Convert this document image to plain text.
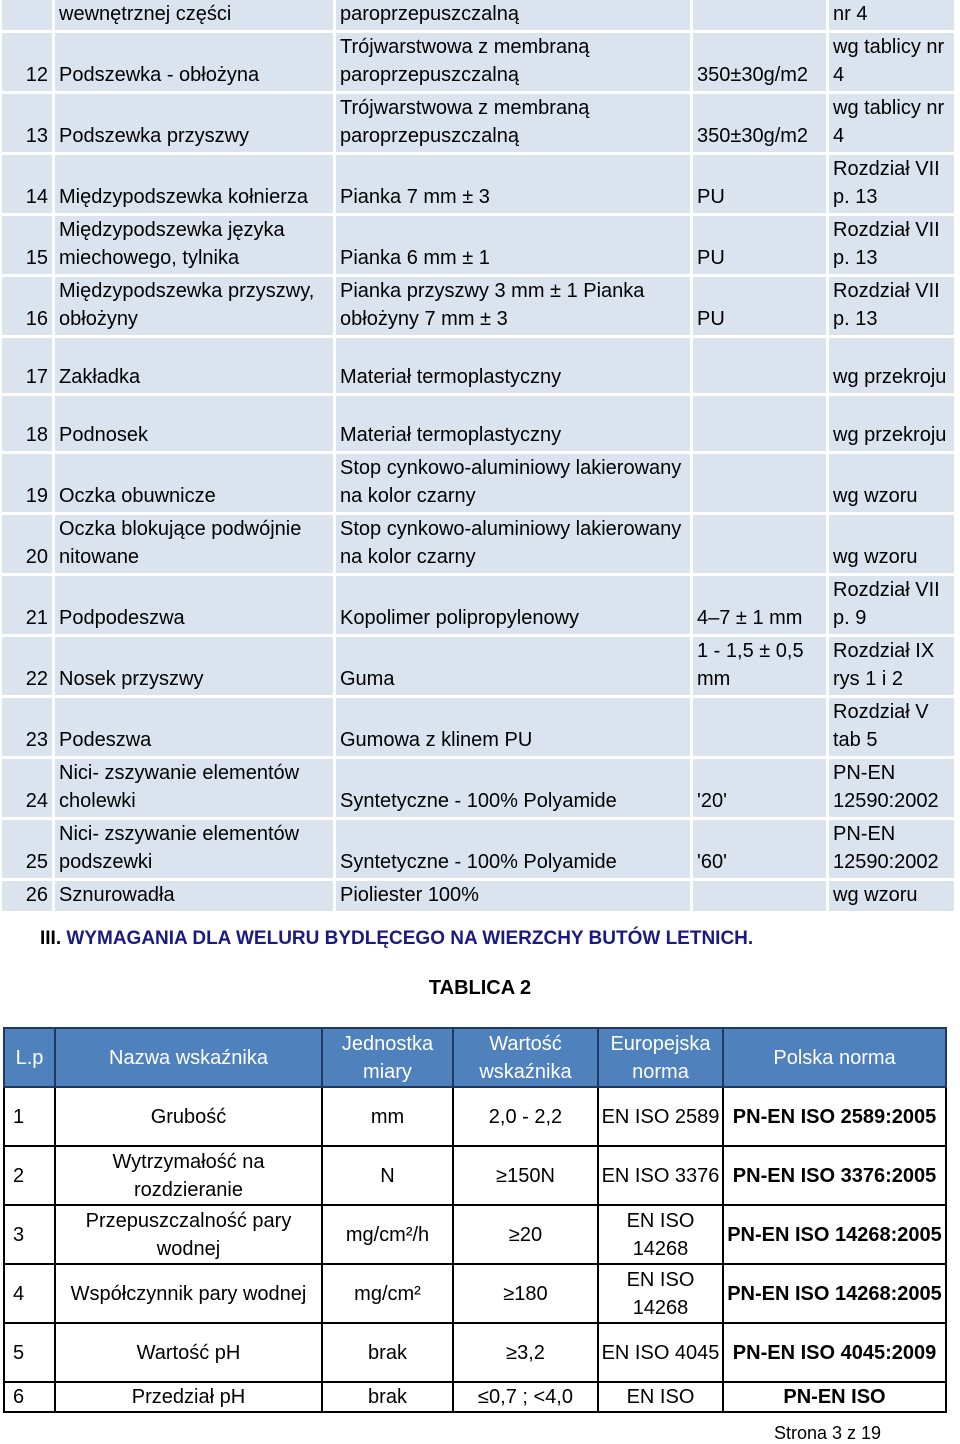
	wewnętrznej części	paroprzepuszczalną		nr 4
12	Podszewka - obłożyna	Trójwarstwowa z membraną paroprzepuszczalną	350±30g/m2	wg tablicy nr 4
13	Podszewka przyszwy	Trójwarstwowa z membraną paroprzepuszczalną	350±30g/m2	wg tablicy nr 4
14	Międzypodszewka kołnierza	Pianka 7 mm ± 3	PU	Rozdział VII p. 13
15	Międzypodszewka języka miechowego, tylnika	Pianka 6 mm ± 1	PU	Rozdział VII p. 13
16	Międzypodszewka przyszwy, obłożyny	Pianka przyszwy 3 mm ± 1 Pianka obłożyny 7 mm ± 3	PU	Rozdział VII p. 13
17	Zakładka	Materiał termoplastyczny		wg przekroju
18	Podnosek	Materiał termoplastyczny		wg przekroju
19	Oczka obuwnicze	Stop cynkowo-aluminiowy lakierowany na kolor czarny		wg wzoru
20	Oczka blokujące podwójnie nitowane	Stop cynkowo-aluminiowy lakierowany na kolor czarny		wg wzoru
21	Podpodeszwa	Kopolimer polipropylenowy	4–7 ± 1 mm	Rozdział VII p. 9
22	Nosek przyszwy	Guma	1 - 1,5 ± 0,5 mm	Rozdział IX rys 1 i 2
23	Podeszwa	Gumowa z klinem PU		Rozdział V tab 5
24	Nici- zszywanie elementów cholewki	Syntetyczne - 100% Polyamide	'20'	PN-EN 12590:2002
25	Nici- zszywanie elementów podszewki	Syntetyczne - 100% Polyamide	'60'	PN-EN 12590:2002
26	Sznurowadła	Pioliester 100%		wg wzoru
III. WYMAGANIA DLA WELURU BYDLĘCEGO NA WIERZCHY BUTÓW LETNICH.
TABLICA 2
L.p	Nazwa wskaźnika	Jednostka miary	Wartość wskaźnika	Europejska norma	Polska norma
1	Grubość	mm	2,0 - 2,2	EN ISO 2589	PN-EN ISO 2589:2005
2	Wytrzymałość na rozdzieranie	N	≥150N	EN ISO 3376	PN-EN ISO 3376:2005
3	Przepuszczalność pary wodnej	mg/cm²/h	≥20	EN ISO 14268	PN-EN ISO 14268:2005
4	Współczynnik pary wodnej	mg/cm²	≥180	EN ISO 14268	PN-EN ISO 14268:2005
5	Wartość pH	brak	≥3,2	EN ISO 4045	PN-EN ISO 4045:2009
6	Przedział pH	brak	≤0,7 ; <4,0	EN ISO	PN-EN ISO
Strona 3 z 19
